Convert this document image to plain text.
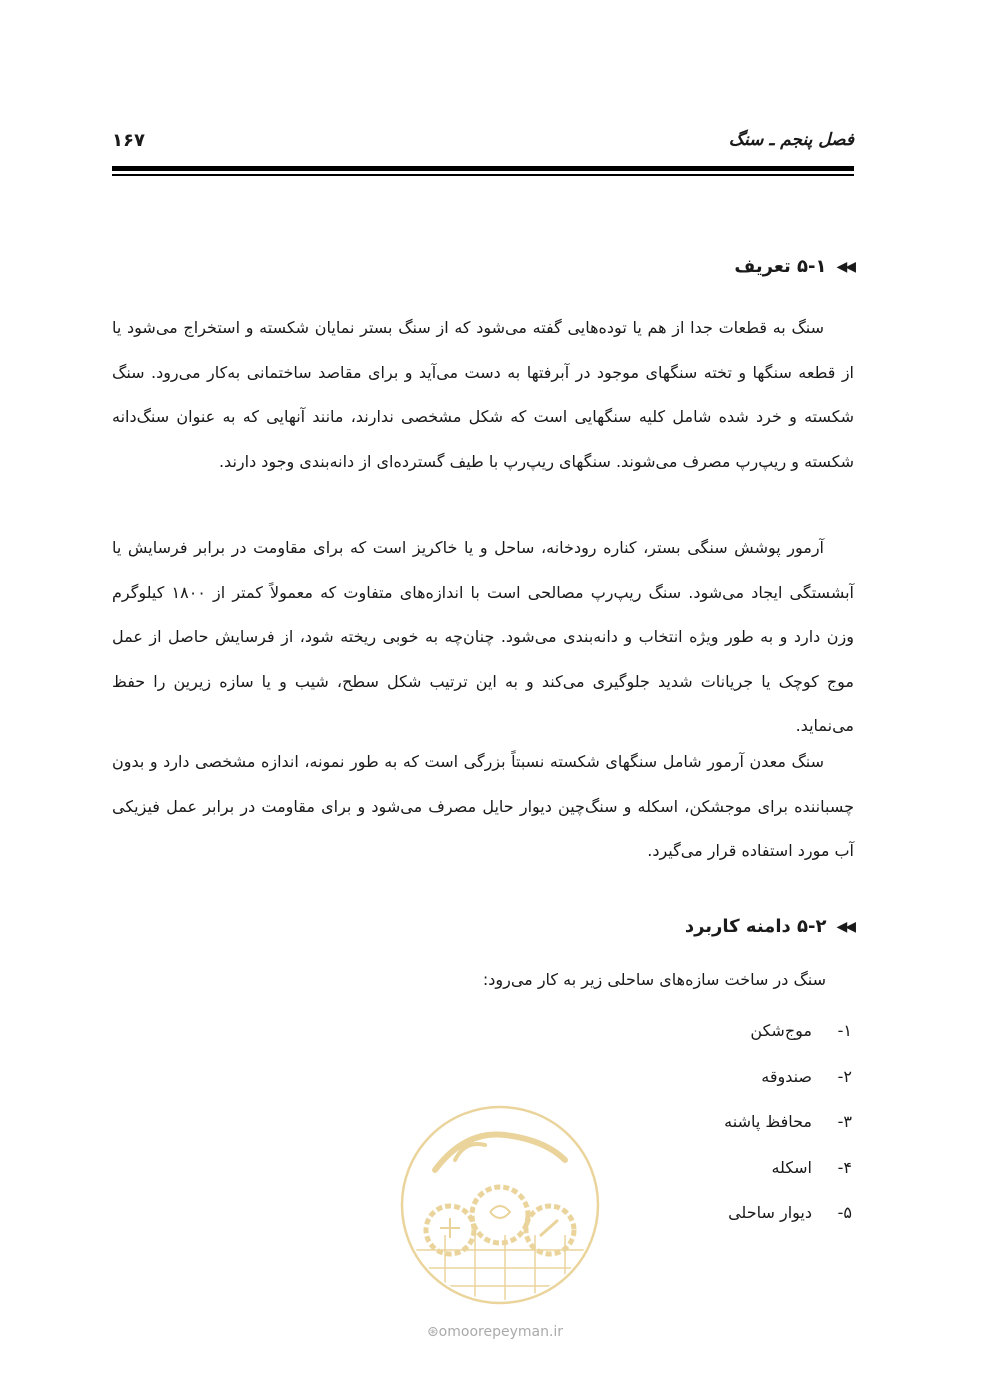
فصل پنجم ـ سنگ
۱۶۷
◀◀
۵-۱ تعریف

سنگ به قطعات جدا از هم یا توده‌هایی گفته می‌شود که از سنگ بستر نمایان شکسته و استخراج می‌شود یا از قطعه سنگها و تخته سنگهای موجود در آبرفتها به دست می‌آید و برای مقاصد ساختمانی به‌کار می‌رود. سنگ شکسته و خرد شده شامل کلیه سنگهایی است که شکل مشخصی ندارند، مانند آنهایی که به عنوان سنگ‌دانه شکسته و ریپ‌رپ مصرف می‌شوند. سنگهای ریپ‌رپ با طیف گسترده‌ای از دانه‌بندی وجود دارند.

آرمور پوشش سنگی بستر، کناره رودخانه، ساحل و یا خاکریز است که برای مقاومت در برابر فرسایش یا آبشستگی ایجاد می‌شود. سنگ ریپ‌رپ مصالحی است با اندازه‌های متفاوت که معمولاً کمتر از ۱۸۰۰ کیلوگرم وزن دارد و به طور ویژه انتخاب و دانه‌بندی می‌شود. چنان‌چه به خوبی ریخته شود، از فرسایش حاصل از عمل موج کوچک یا جریانات شدید جلوگیری می‌کند و به این ترتیب شکل سطح، شیب و یا سازه زیرین را حفظ می‌نماید.

سنگ معدن آرمور شامل سنگهای شکسته نسبتاً بزرگی است که به طور نمونه، اندازه مشخصی دارد و بدون چسباننده برای موجشکن، اسکله و سنگ‌چین دیوار حایل مصرف می‌شود و برای مقاومت در برابر عمل فیزیکی آب مورد استفاده قرار می‌گیرد.

◀◀
۵-۲ دامنه کاربرد

سنگ در ساخت سازه‌های ساحلی زیر به کار می‌رود:

۱-
موج‌شکن
۲-
صندوقه
۳-
محافظ پاشنه
۴-
اسکله
۵-
دیوار ساحلی
⊛omoorepeyman.ir
